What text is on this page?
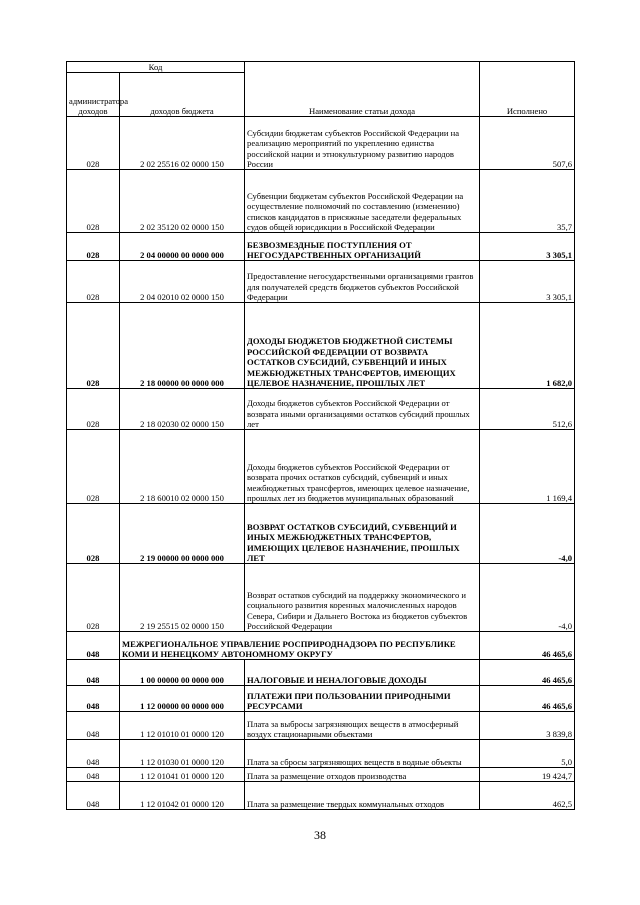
Код		Наименование статьи дохода	Исполнено
администратора доходов	доходов бюджета		
028	2 02 25516 02 0000 150	Субсидии бюджетам субъектов Российской Федерации на реализацию мероприятий по укреплению единства российской нации и этнокультурному развитию народов России	507,6
028	2 02 35120 02 0000 150	Субвенции бюджетам субъектов Российской Федерации на осуществление полномочий по составлению (изменению) списков кандидатов в присяжные заседатели федеральных судов общей юрисдикции в Российской Федерации	35,7
028	2 04 00000 00 0000 000	БЕЗВОЗМЕЗДНЫЕ ПОСТУПЛЕНИЯ ОТ НЕГОСУДАРСТВЕННЫХ ОРГАНИЗАЦИЙ	3 305,1
028	2 04 02010 02 0000 150	Предоставление негосударственными организациями грантов для получателей средств бюджетов субъектов Российской Федерации	3 305,1
028	2 18 00000 00 0000 000	ДОХОДЫ БЮДЖЕТОВ БЮДЖЕТНОЙ СИСТЕМЫ РОССИЙСКОЙ ФЕДЕРАЦИИ ОТ ВОЗВРАТА ОСТАТКОВ СУБСИДИЙ, СУБВЕНЦИЙ И ИНЫХ МЕЖБЮДЖЕТНЫХ ТРАНСФЕРТОВ, ИМЕЮЩИХ ЦЕЛЕВОЕ НАЗНАЧЕНИЕ, ПРОШЛЫХ ЛЕТ	1 682,0
028	2 18 02030 02 0000 150	Доходы бюджетов субъектов Российской Федерации от возврата иными организациями остатков субсидий прошлых лет	512,6
028	2 18 60010 02 0000 150	Доходы бюджетов субъектов Российской Федерации от возврата прочих остатков субсидий, субвенций и иных межбюджетных трансфертов, имеющих целевое назначение, прошлых лет из бюджетов муниципальных образований	1 169,4
028	2 19 00000 00 0000 000	ВОЗВРАТ ОСТАТКОВ СУБСИДИЙ, СУБВЕНЦИЙ И ИНЫХ МЕЖБЮДЖЕТНЫХ ТРАНСФЕРТОВ, ИМЕЮЩИХ ЦЕЛЕВОЕ НАЗНАЧЕНИЕ, ПРОШЛЫХ ЛЕТ	-4,0
028	2 19 25515 02 0000 150	Возврат остатков субсидий на поддержку экономического и социального развития коренных малочисленных народов Севера, Сибири и Дальнего Востока из бюджетов субъектов Российской Федерации	-4,0
048	МЕЖРЕГИОНАЛЬНОЕ УПРАВЛЕНИЕ РОСПРИРОДНАДЗОРА ПО РЕСПУБЛИКЕ КОМИ И НЕНЕЦКОМУ АВТОНОМНОМУ ОКРУГУ		46 465,6
048	1 00 00000 00 0000 000	НАЛОГОВЫЕ И НЕНАЛОГОВЫЕ ДОХОДЫ	46 465,6
048	1 12 00000 00 0000 000	ПЛАТЕЖИ ПРИ ПОЛЬЗОВАНИИ ПРИРОДНЫМИ РЕСУРСАМИ	46 465,6
048	1 12 01010 01 0000 120	Плата за выбросы загрязняющих веществ в атмосферный воздух стационарными объектами	3 839,8
048	1 12 01030 01 0000 120	Плата за сбросы загрязняющих веществ в водные объекты	5,0
048	1 12 01041 01 0000 120	Плата за размещение отходов производства	19 424,7
048	1 12 01042 01 0000 120	Плата за размещение твердых коммунальных отходов	462,5
38
